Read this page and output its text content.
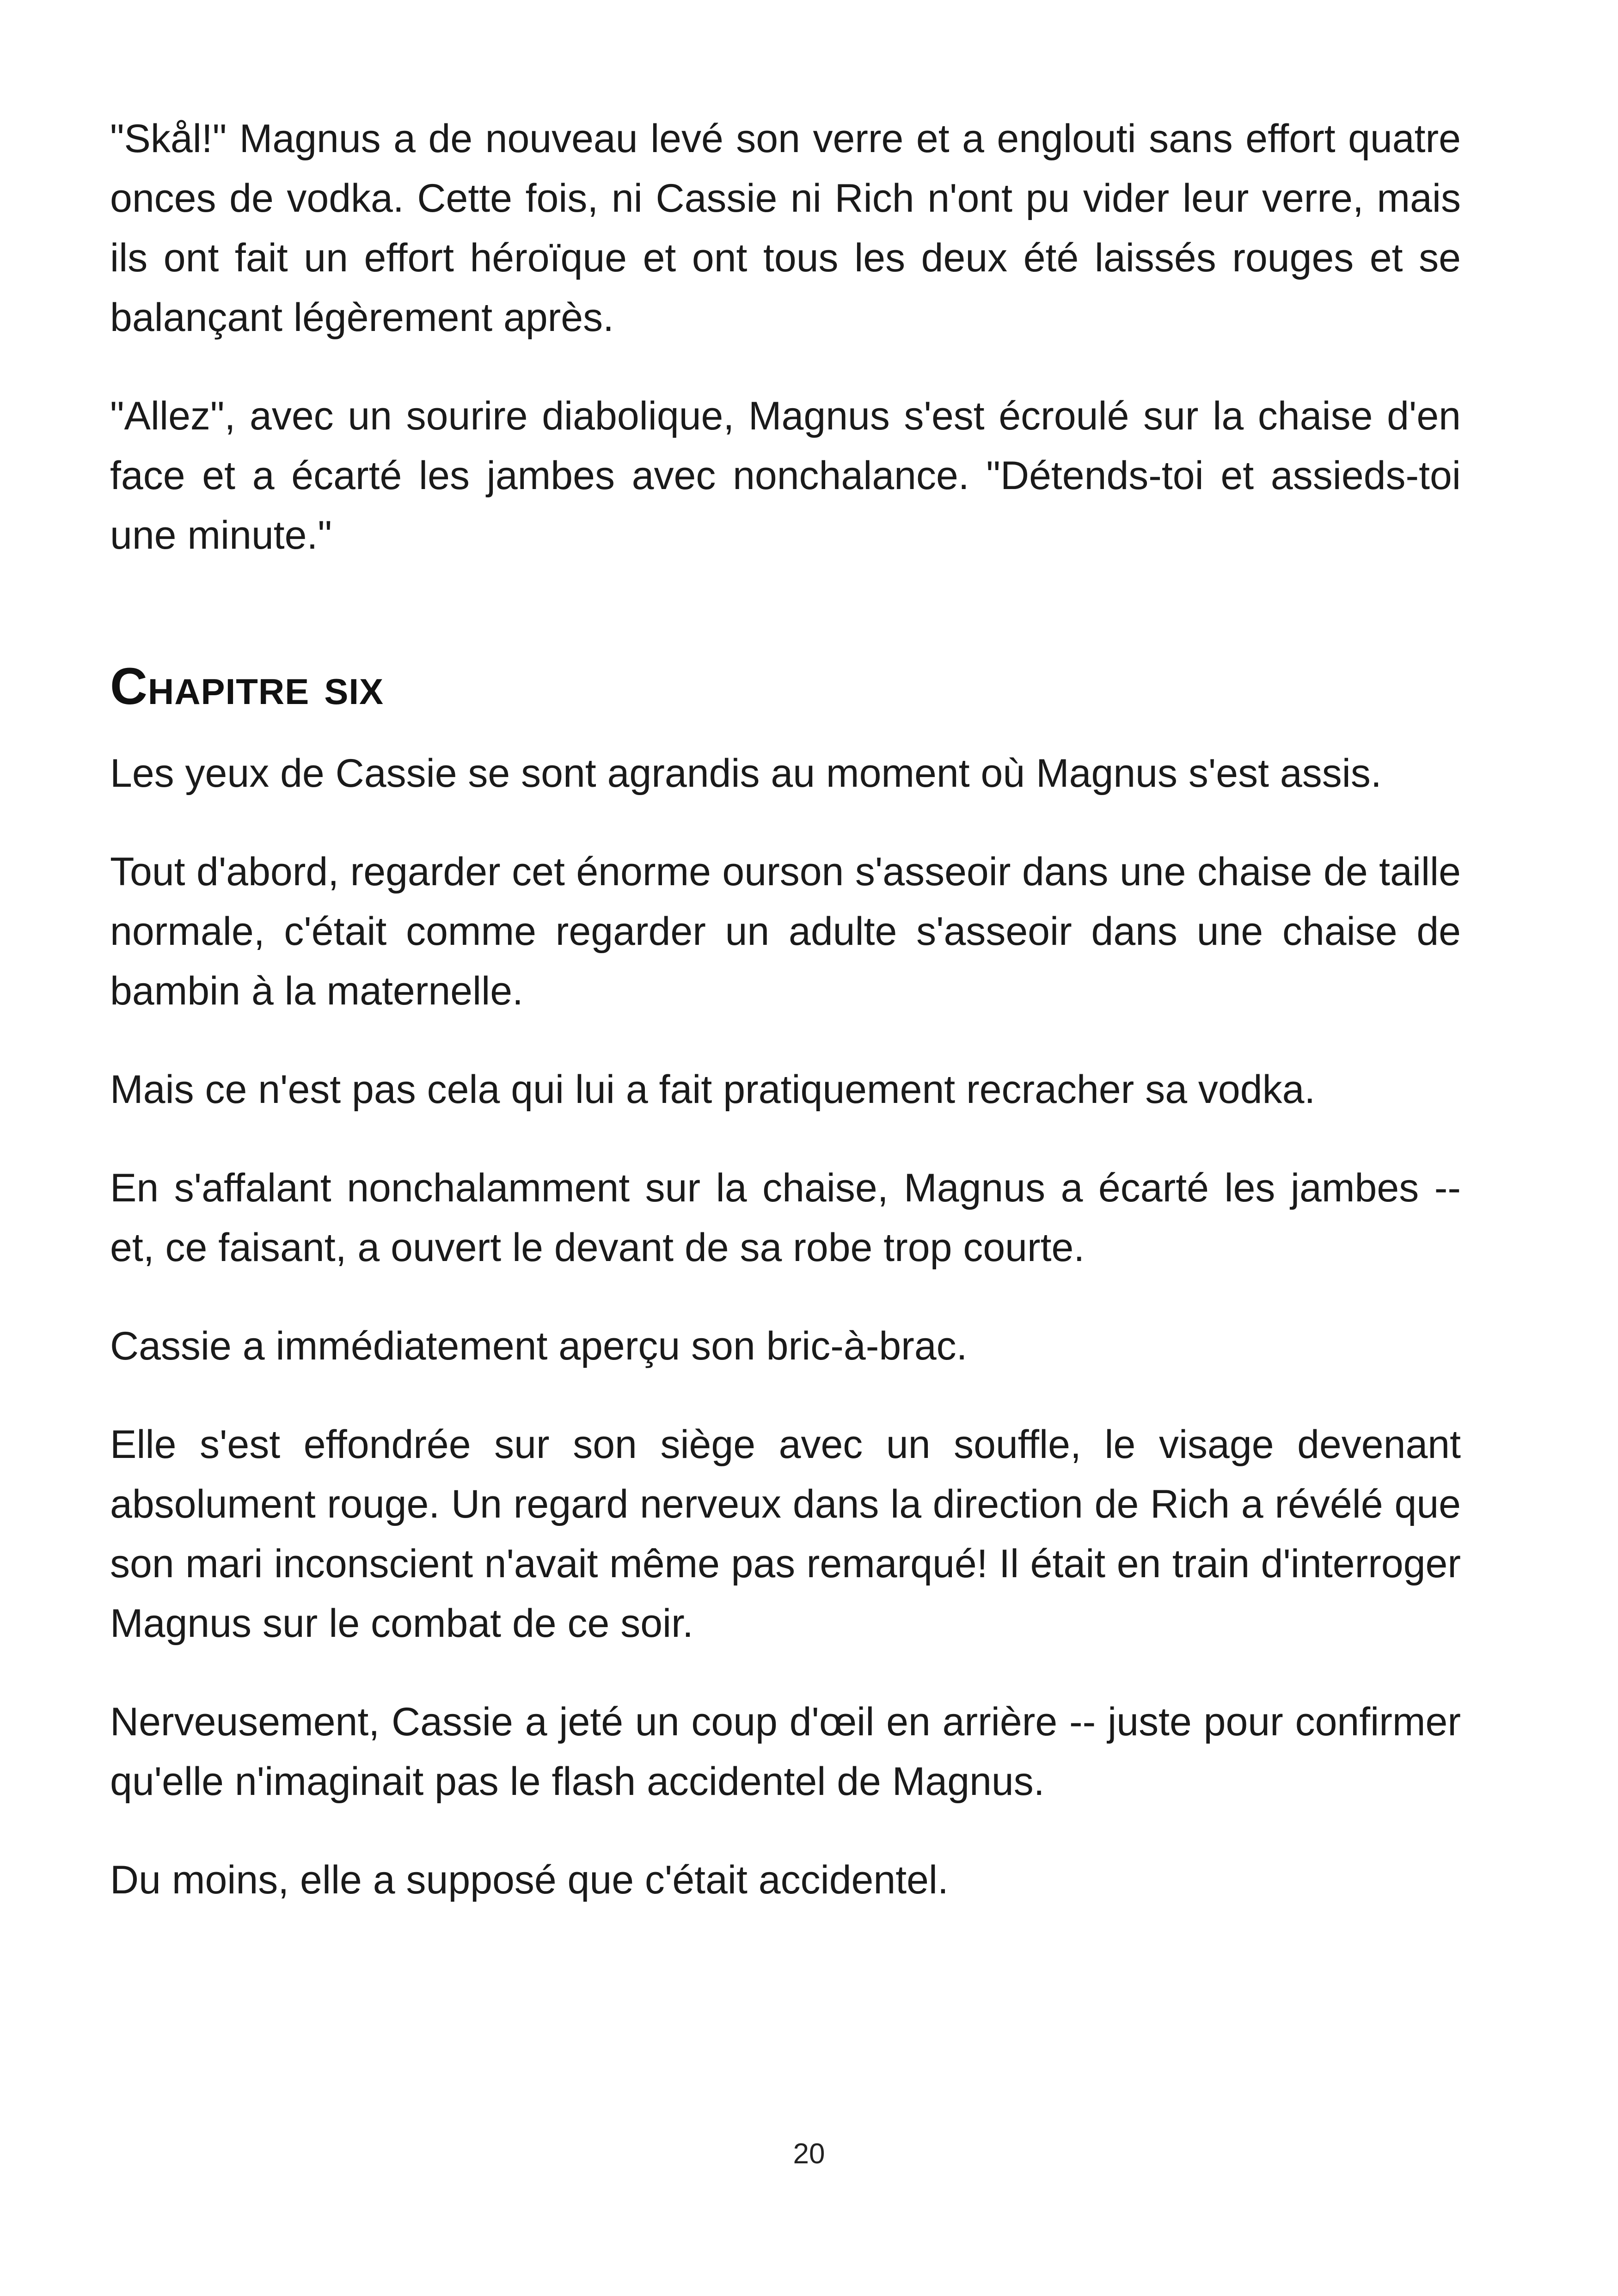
"Skål!" Magnus a de nouveau levé son verre et a englouti sans effort quatre onces de vodka. Cette fois, ni Cassie ni Rich n'ont pu vider leur verre, mais ils ont fait un effort héroïque et ont tous les deux été laissés rouges et se balançant légèrement après.

"Allez", avec un sourire diabolique, Magnus s'est écroulé sur la chaise d'en face et a écarté les jambes avec nonchalance. "Détends-toi et assieds-toi une minute."

Chapitre six

Les yeux de Cassie se sont agrandis au moment où Magnus s'est assis.

Tout d'abord, regarder cet énorme ourson s'asseoir dans une chaise de taille normale, c'était comme regarder un adulte s'asseoir dans une chaise de bambin à la maternelle.

Mais ce n'est pas cela qui lui a fait pratiquement recracher sa vodka.

En s'affalant nonchalamment sur la chaise, Magnus a écarté les jambes -- et, ce faisant, a ouvert le devant de sa robe trop courte.

Cassie a immédiatement aperçu son bric-à-brac.

Elle s'est effondrée sur son siège avec un souffle, le visage devenant absolument rouge. Un regard nerveux dans la direction de Rich a révélé que son mari inconscient n'avait même pas remarqué! Il était en train d'interroger Magnus sur le combat de ce soir.

Nerveusement, Cassie a jeté un coup d'œil en arrière -- juste pour confirmer qu'elle n'imaginait pas le flash accidentel de Magnus.

Du moins, elle a supposé que c'était accidentel.

20
